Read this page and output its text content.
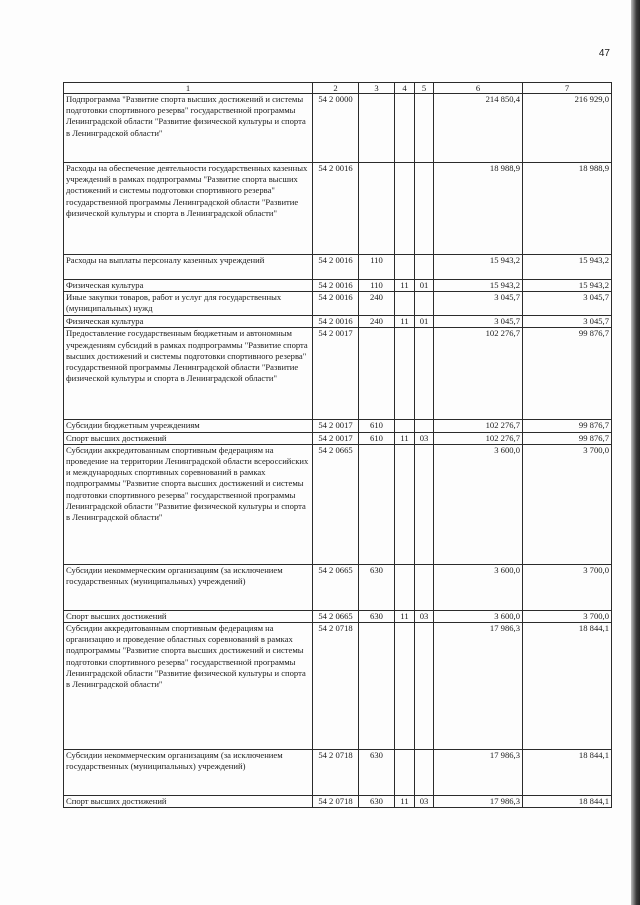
47
1	2	3	4	5	6	7
Подпрограмма "Развитие спорта высших достижений и системы подготовки спортивного резерва" государственной программы Ленинградской области "Развитие физической культуры и спорта в Ленинградской области"	54 2 0000				214 850,4	216 929,0
Расходы на обеспечение деятельности государственных казенных учреждений в рамках подпрограммы "Развитие спорта высших достижений и системы подготовки спортивного резерва" государственной программы Ленинградской области "Развитие физической культуры и спорта в Ленинградской области"	54 2 0016				18 988,9	18 988,9
Расходы на выплаты персоналу казенных учреждений	54 2 0016	110			15 943,2	15 943,2
Физическая культура	54 2 0016	110	11	01	15 943,2	15 943,2
Иные закупки товаров, работ и услуг для государственных (муниципальных) нужд	54 2 0016	240			3 045,7	3 045,7
Физическая культура	54 2 0016	240	11	01	3 045,7	3 045,7
Предоставление государственным бюджетным и автономным учреждениям субсидий в рамках подпрограммы "Развитие спорта высших достижений и системы подготовки спортивного резерва" государственной программы Ленинградской области "Развитие физической культуры и спорта в Ленинградской области"	54 2 0017				102 276,7	99 876,7
Субсидии бюджетным учреждениям	54 2 0017	610			102 276,7	99 876,7
Спорт высших достижений	54 2 0017	610	11	03	102 276,7	99 876,7
Субсидии аккредитованным спортивным федерациям на проведение на территории Ленинградской области всероссийских и международных спортивных соревнований в рамках подпрограммы "Развитие спорта высших достижений и системы подготовки спортивного резерва" государственной программы Ленинградской области "Развитие физической культуры и спорта в Ленинградской области"	54 2 0665				3 600,0	3 700,0
Субсидии некоммерческим организациям (за исключением государственных (муниципальных) учреждений)	54 2 0665	630			3 600,0	3 700,0
Спорт высших достижений	54 2 0665	630	11	03	3 600,0	3 700,0
Субсидии аккредитованным спортивным федерациям на организацию и проведение областных соревнований в рамках подпрограммы "Развитие спорта высших достижений и системы подготовки спортивного резерва" государственной программы Ленинградской области "Развитие физической культуры и спорта в Ленинградской области"	54 2 0718				17 986,3	18 844,1
Субсидии некоммерческим организациям (за исключением государственных (муниципальных) учреждений)	54 2 0718	630			17 986,3	18 844,1
Спорт высших достижений	54 2 0718	630	11	03	17 986,3	18 844,1
